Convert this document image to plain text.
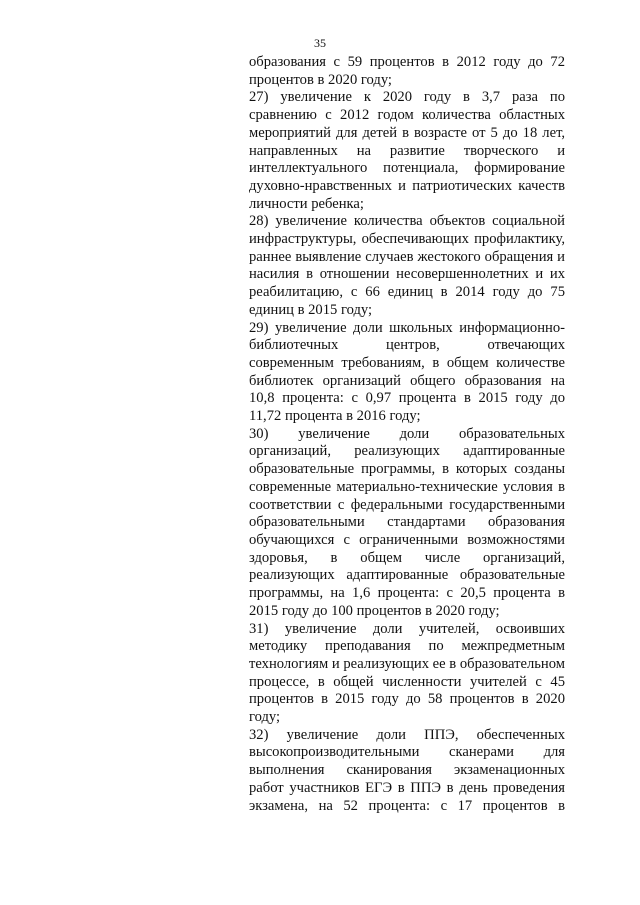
35

образования с 59 процентов в 2012 году до 72 процентов в 2020 году;

27) увеличение к 2020 году в 3,7 раза по сравнению с 2012 годом количества областных мероприятий для детей в возрасте от 5 до 18 лет, направленных на развитие творческого и интеллектуального потенциала, формирование духовно-нравственных и патриотических качеств личности ребенка;

28) увеличение количества объектов социальной инфраструктуры, обеспечивающих профилактику, раннее выявление случаев жестокого обращения и насилия в отношении несовершеннолетних и их реабилитацию, с 66 единиц в 2014 году до 75 единиц в 2015 году;

29) увеличение доли школьных информационно-библиотечных центров, отвечающих современным требованиям, в общем количестве библиотек организаций общего образования на 10,8 процента: с 0,97 процента в 2015 году до 11,72 процента в 2016 году;

30) увеличение доли образовательных организаций, реализующих адаптированные образовательные программы, в которых созданы современные материально-технические условия в соответствии с федеральными государственными образовательными стандартами образования обучающихся с ограниченными возможностями здоровья, в общем числе организаций, реализующих адаптированные образовательные программы, на 1,6 процента: с 20,5 процента в 2015 году до 100 процентов в 2020 году;

31) увеличение доли учителей, освоивших методику преподавания по межпредметным технологиям и реализующих ее в образовательном процессе, в общей численности учителей с 45 процентов в 2015 году до 58 процентов в 2020 году;

32) увеличение доли ППЭ, обеспеченных высокопроизводительными сканерами для выполнения сканирования экзаменационных работ участников ЕГЭ в ППЭ в день проведения экзамена, на 52 процента: с 17 процентов в
